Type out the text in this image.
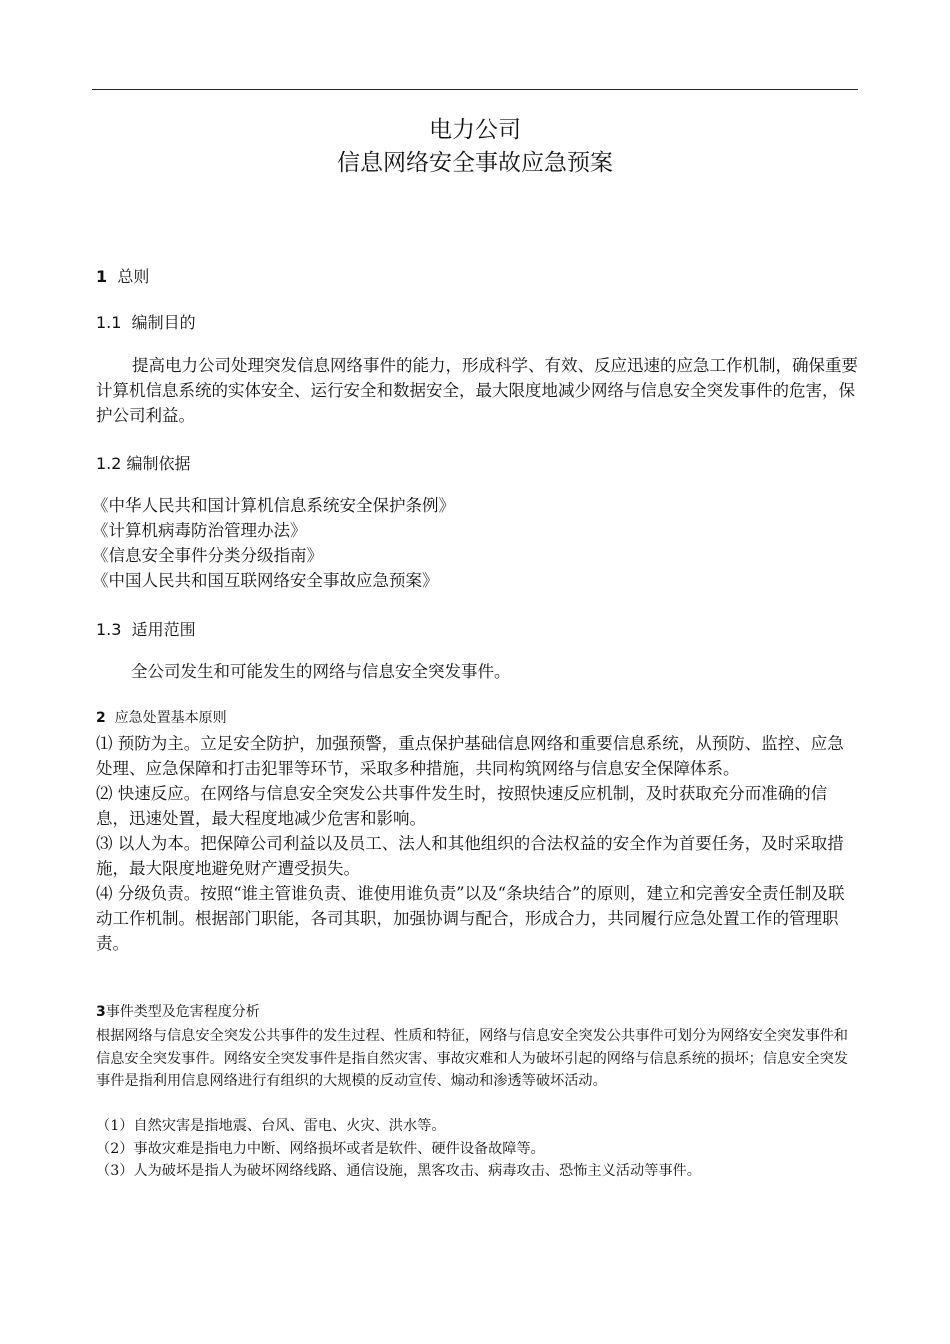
电力公司
信息网络安全事故应急预案
1 总则
1.1 编制目的
提高电力公司处理突发信息网络事件的能力，形成科学、有效、反应迅速的应急工作机制，确保重要计算机信息系统的实体安全、运行安全和数据安全，最大限度地减少网络与信息安全突发事件的危害，保护公司利益。
1.2 编制依据
《中华人民共和国计算机信息系统安全保护条例》
《计算机病毒防治管理办法》
《信息安全事件分类分级指南》
《中国人民共和国互联网络安全事故应急预案》
1.3 适用范围
全公司发生和可能发生的网络与信息安全突发事件。
2 应急处置基本原则
⑴ 预防为主。立足安全防护，加强预警，重点保护基础信息网络和重要信息系统，从预防、监控、应急处理、应急保障和打击犯罪等环节，采取多种措施，共同构筑网络与信息安全保障体系。
⑵ 快速反应。在网络与信息安全突发公共事件发生时，按照快速反应机制，及时获取充分而准确的信息，迅速处置，最大程度地减少危害和影响。
⑶ 以人为本。把保障公司利益以及员工、法人和其他组织的合法权益的安全作为首要任务，及时采取措施，最大限度地避免财产遭受损失。
⑷ 分级负责。按照“谁主管谁负责、谁使用谁负责”以及“条块结合”的原则，建立和完善安全责任制及联动工作机制。根据部门职能，各司其职，加强协调与配合，形成合力，共同履行应急处置工作的管理职责。
3事件类型及危害程度分析
根据网络与信息安全突发公共事件的发生过程、性质和特征，网络与信息安全突发公共事件可划分为网络安全突发事件和信息安全突发事件。网络安全突发事件是指自然灾害、事故灾难和人为破坏引起的网络与信息系统的损坏；信息安全突发事件是指利用信息网络进行有组织的大规模的反动宣传、煽动和渗透等破坏活动。
（1）自然灾害是指地震、台风、雷电、火灾、洪水等。
（2）事故灾难是指电力中断、网络损坏或者是软件、硬件设备故障等。
（3）人为破坏是指人为破坏网络线路、通信设施，黑客攻击、病毒攻击、恐怖主义活动等事件。
